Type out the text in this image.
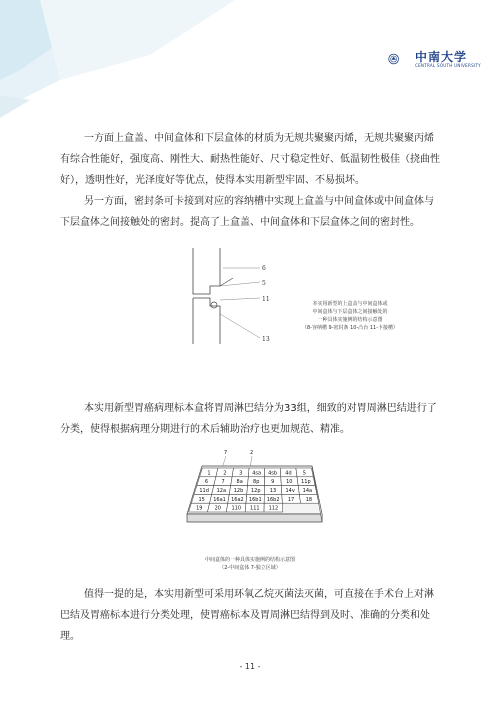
中南大学
CENTRAL SOUTH UNIVERSITY

一方面上盒盖、中间盒体和下层盒体的材质为无规共聚聚丙烯，无规共聚聚丙烯有综合性能好，强度高、刚性大、耐热性能好、尺寸稳定性好、低温韧性极佳（挠曲性好），透明性好，光泽度好等优点，使得本实用新型牢固、不易损坏。

另一方面，密封条可卡接到对应的容纳槽中实现上盒盖与中间盒体或中间盒体与下层盒体之间接触处的密封。提高了上盒盖、中间盒体和下层盒体之间的密封性。

6
5
11
13
本实用新型的上盒盖与中间盒体或
中间盒体与下层盒体之间接触处的
一种具体实施例的结构示意图
（8-容纳槽 9-密封条 10-凸台 11-卡接槽）

本实用新型胃癌病理标本盒将胃周淋巴结分为33组，细致的对胃周淋巴结进行了分类，使得根据病理分期进行的术后辅助治疗也更加规范、精准。

7	2
1	2	3 4sa 4sb 4d 5
6	7 8a 8p 9 10 11p
11d 12a 12b 12p 13 14v 14a
15 16a1 16a2 16b1 16b2 17 18
19 20 110 111 112
中间盒体的一种具体实施例的结构示意图
（2-中间盒体 7-独立区域）

值得一提的是，本实用新型可采用环氧乙烷灭菌法灭菌，可直接在手术台上对淋巴结及胃癌标本进行分类处理，使胃癌标本及胃周淋巴结得到及时、准确的分类和处理。

- 11 -
